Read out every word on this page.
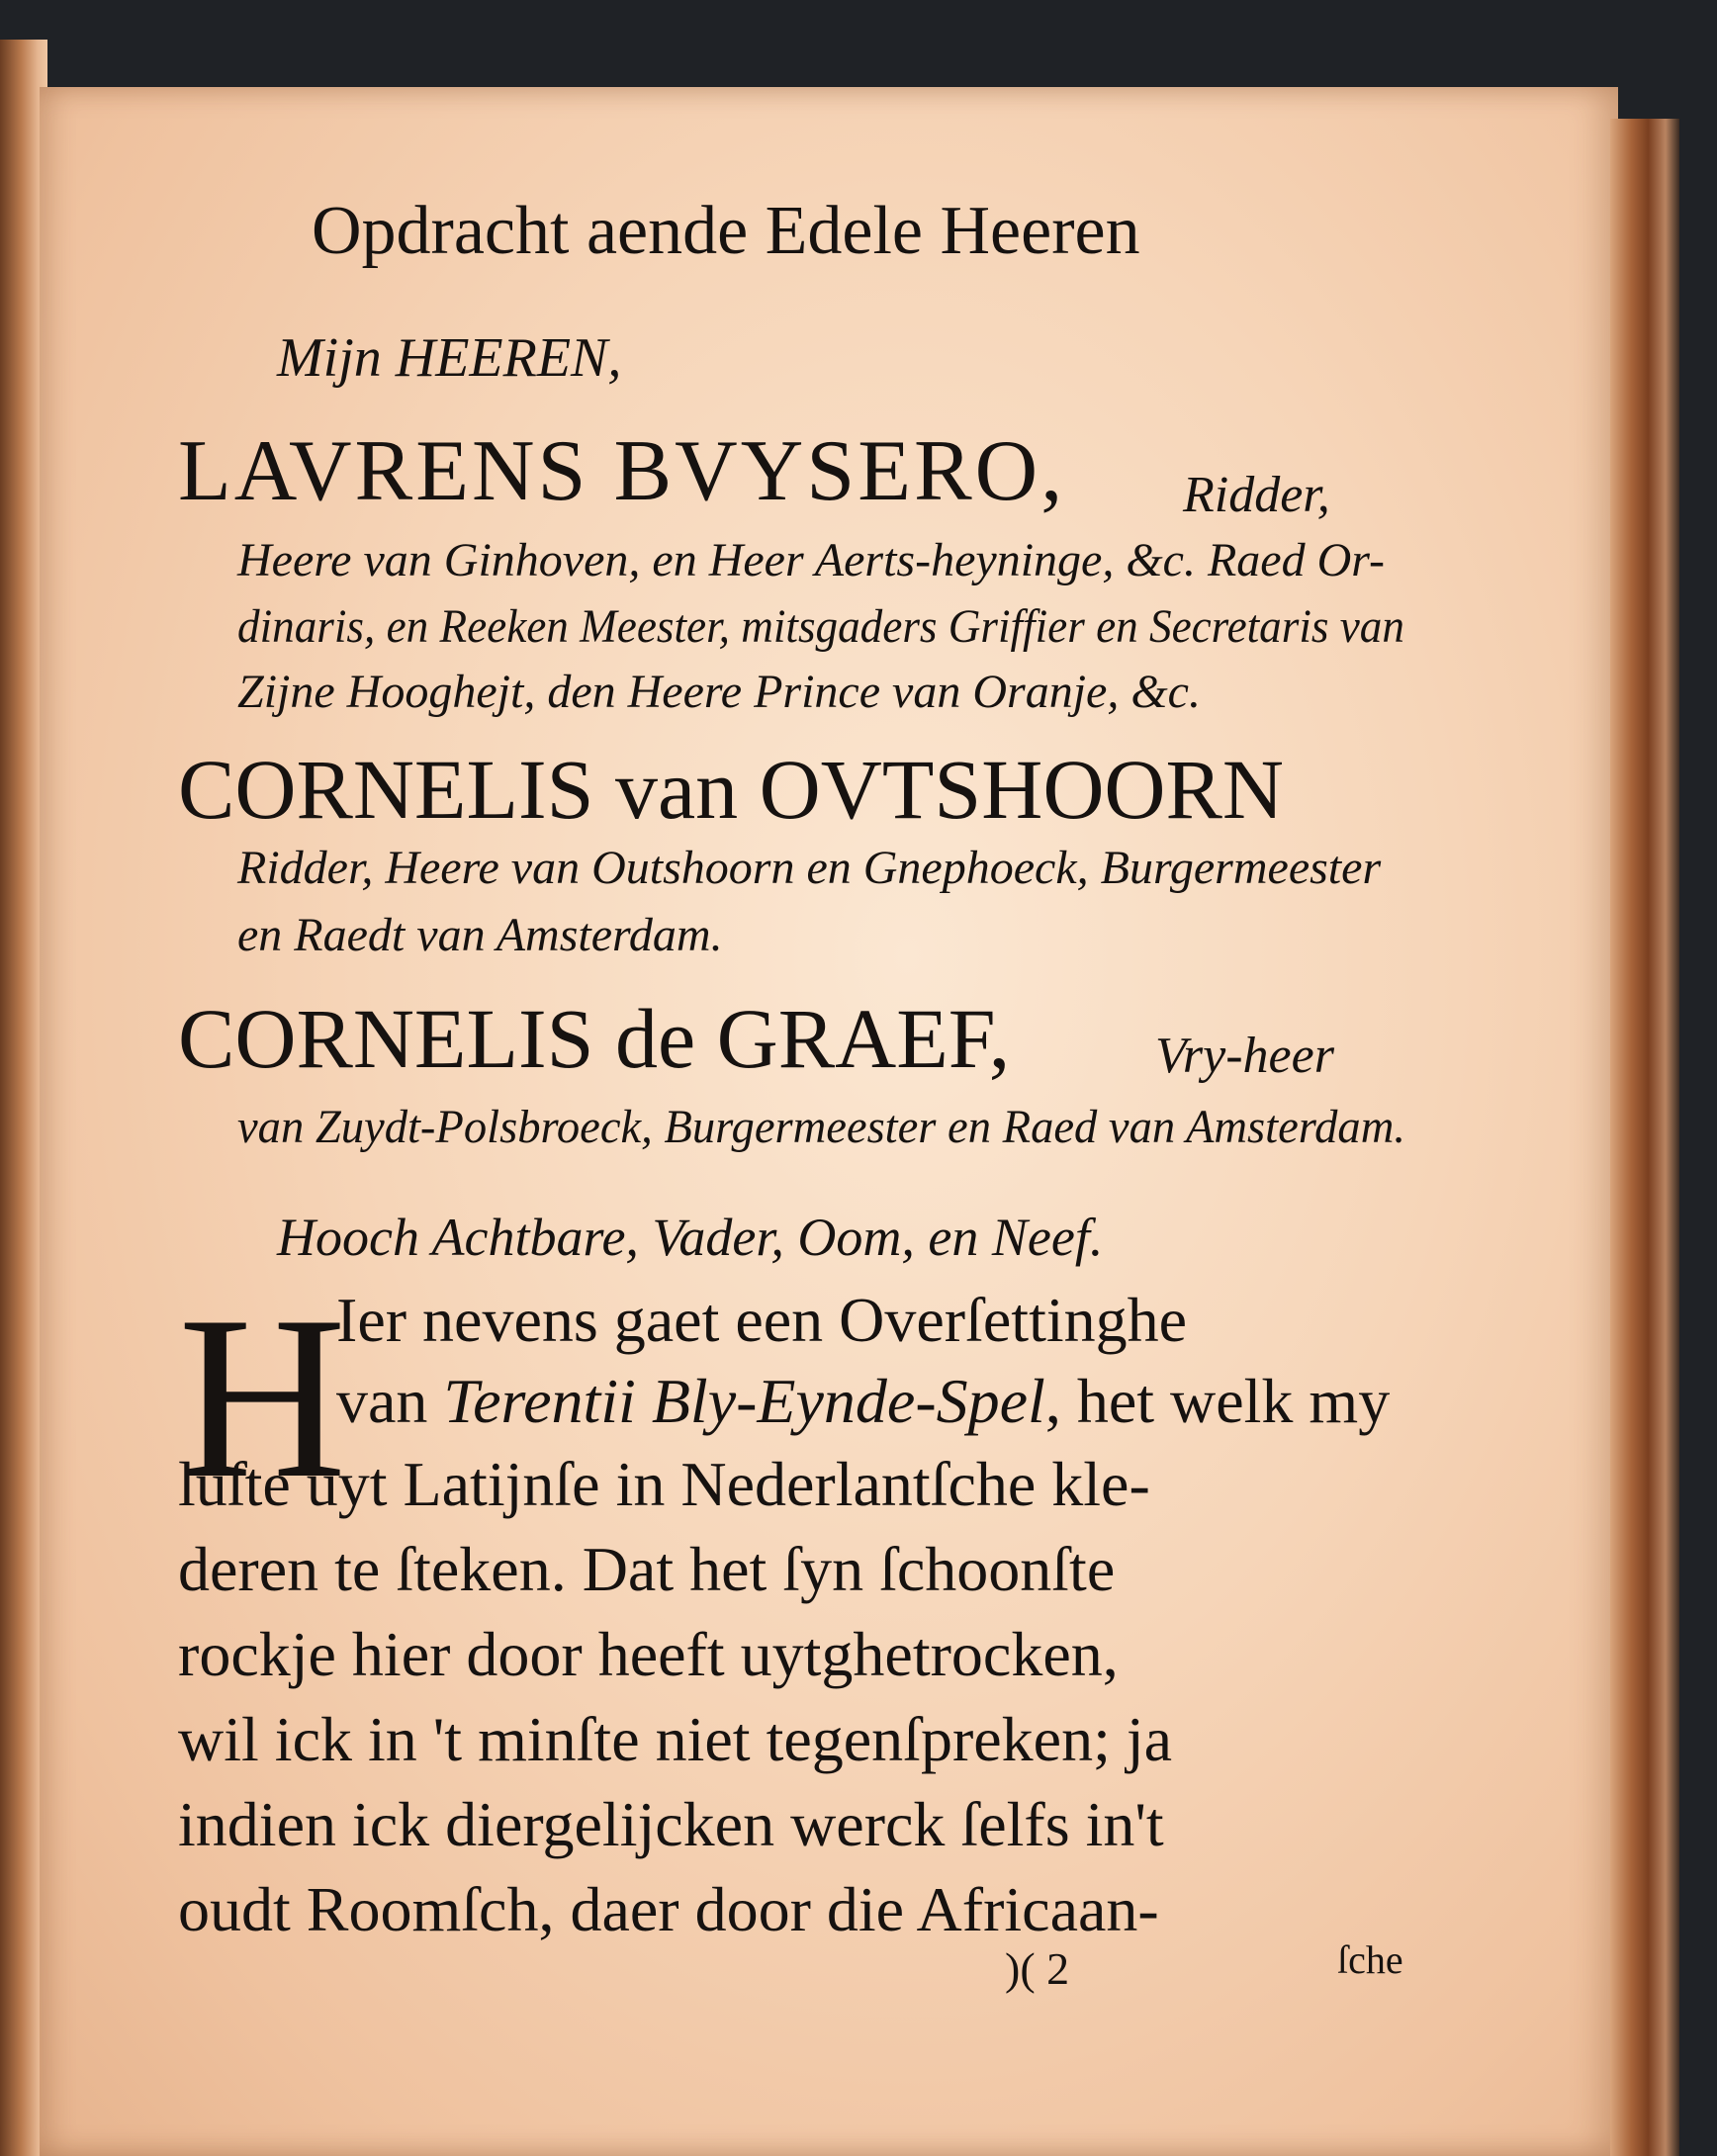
Opdracht aende Edele Heeren
Mijn HEEREN,
LAVRENS BVYSERO, Ridder,
Heere van Ginhoven, en Heer Aerts-heyninge, &c. Raed Or-
dinaris, en Reeken Meester, mitsgaders Griffier en Secretaris van
Zijne Hooghejt, den Heere Prince van Oranje, &c.
CORNELIS van OVTSHOORN
Ridder, Heere van Outshoorn en Gnephoeck, Burgermeester
en Raedt van Amsterdam.
CORNELIS de GRAEF,	Vry-heer
van Zuydt-Polsbroeck, Burgermeester en Raed van Amsterdam.
Hooch Achtbare, Vader, Oom, en Neef.
H
Ier nevens gaet een Overſettinghe
van Terentii Bly-Eynde-Spel, het welk my
luſte uyt Latijnſe in Nederlantſche kle-
deren te ſteken. Dat het ſyn ſchoonſte
rockje hier door heeft uytghetrocken,
wil ick in 't minſte niet tegenſpreken; ja
indien ick diergelijcken werck ſelfs in't
oudt Roomſch, daer door die Africaan-
)( 2	ſche
